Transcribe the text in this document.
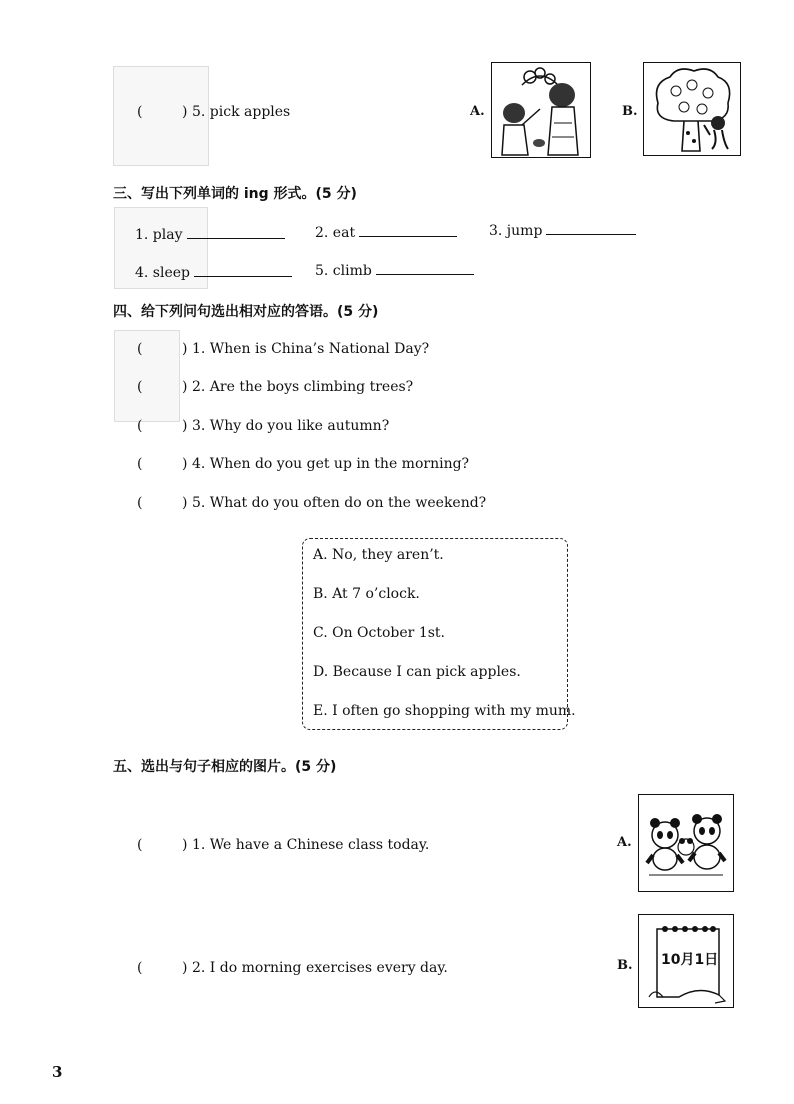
(	) 5. pick apples	A.	B.
三、写出下列单词的 ing 形式。(5 分)
1. play	2. eat	3. jump
4. sleep	5. climb
四、给下列问句选出相对应的答语。(5 分)
(	) 1. When is China’s National Day?
(	) 2. Are the boys climbing trees?
(	) 3. Why do you like autumn?
(	) 4. When do you get up in the morning?
(	) 5. What do you often do on the weekend?
A. No, they aren’t.
B. At 7 o’clock.
C. On October 1st.
D. Because I can pick apples.
E. I often go shopping with my mum.
五、选出与句子相应的图片。(5 分)
(	) 1. We have a Chinese class today.
(	) 2. I do morning exercises every day.
A.
B. 10月1日
3
